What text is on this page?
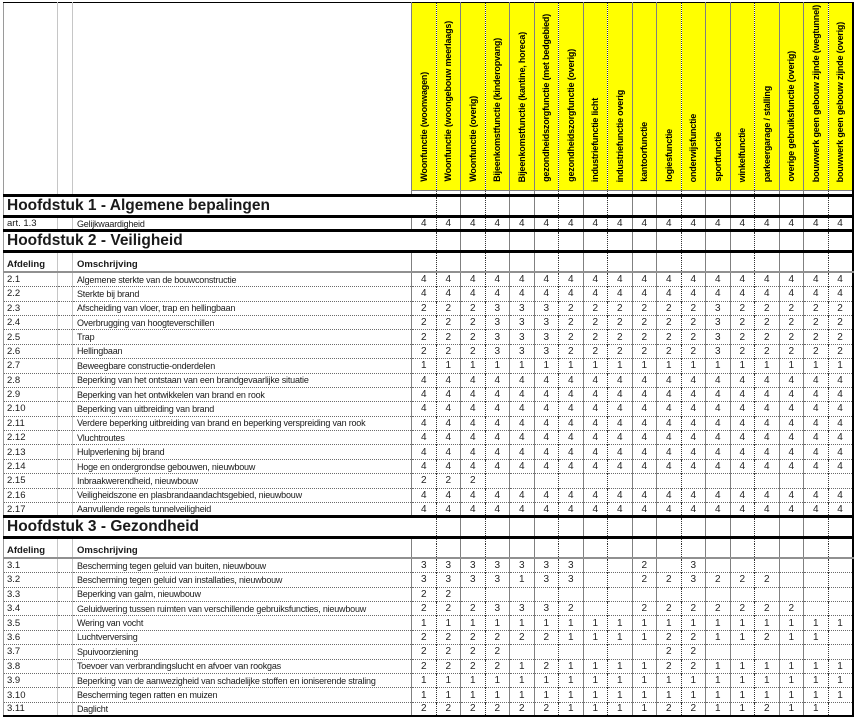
			Woonfunctie (woonwagen)	Woonfunctie (woongebouw meerlaags)	Woonfunctie (overig)	Bijeenkomstfunctie (kinderopvang)	Bijeenkomstfunctie (kantine, horeca)	gezondheidszorgfunctie (met bedgebied)	gezondheidszorgfunctie (overig)	industriefunctie licht	industriefunctie overig	kantoorfunctie	logiesfunctie	onderwijsfunctie	sportfunctie	winkelfunctie	parkeergarage / stalling	overige gebruiksfunctie (overig)	bouwwerk geen gebouw zijnde (wegtunnel)	bouwwerk geen gebouw zijnde (overig)

Hoofdstuk 1 - Algemene bepalingen																				
art. 1.3		Gelijkwaardigheid	4	4	4	4	4	4	4	4	4	4	4	4	4	4	4	4	4	4
Hoofdstuk 2 - Veiligheid																				

Afdeling		Omschrijving																		
2.1		Algemene sterkte van de bouwconstructie	4	4	4	4	4	4	4	4	4	4	4	4	4	4	4	4	4	4
2.2		Sterkte bij brand	4	4	4	4	4	4	4	4	4	4	4	4	4	4	4	4	4	4
2.3		Afscheiding van vloer, trap en hellingbaan	2	2	2	3	3	3	2	2	2	2	2	2	3	2	2	2	2	2
2.4		Overbrugging van hoogteverschillen	2	2	2	3	3	3	2	2	2	2	2	2	3	2	2	2	2	2
2.5		Trap	2	2	2	3	3	3	2	2	2	2	2	2	3	2	2	2	2	2
2.6		Hellingbaan	2	2	2	3	3	3	2	2	2	2	2	2	3	2	2	2	2	2
2.7		Beweegbare constructie-onderdelen	1	1	1	1	1	1	1	1	1	1	1	1	1	1	1	1	1	1
2.8		Beperking van het ontstaan van een brandgevaarlijke situatie	4	4	4	4	4	4	4	4	4	4	4	4	4	4	4	4	4	4
2.9		Beperking van het ontwikkelen van brand en rook	4	4	4	4	4	4	4	4	4	4	4	4	4	4	4	4	4	4
2.10		Beperking van uitbreiding van brand	4	4	4	4	4	4	4	4	4	4	4	4	4	4	4	4	4	4
2.11		Verdere beperking uitbreiding van brand en beperking verspreiding van rook	4	4	4	4	4	4	4	4	4	4	4	4	4	4	4	4	4	4
2.12		Vluchtroutes	4	4	4	4	4	4	4	4	4	4	4	4	4	4	4	4	4	4
2.13		Hulpverlening bij brand	4	4	4	4	4	4	4	4	4	4	4	4	4	4	4	4	4	4
2.14		Hoge en ondergrondse gebouwen, nieuwbouw	4	4	4	4	4	4	4	4	4	4	4	4	4	4	4	4	4	4
2.15		Inbraakwerendheid, nieuwbouw	2	2	2															
2.16		Veiligheidszone en plasbrandaandachtsgebied, nieuwbouw	4	4	4	4	4	4	4	4	4	4	4	4	4	4	4	4	4	4
2.17		Aanvullende regels tunnelveiligheid	4	4	4	4	4	4	4	4	4	4	4	4	4	4	4	4	4	4
Hoofdstuk 3 - Gezondheid																				

Afdeling		Omschrijving																		
3.1		Bescherming tegen geluid van buiten, nieuwbouw	3	3	3	3	3	3	3			2		3						
3.2		Bescherming tegen geluid van installaties, nieuwbouw	3	3	3	3	1	3	3			2	2	3	2	2	2			
3.3		Beperking van galm, nieuwbouw	2	2																
3.4		Geluidwering tussen ruimten van verschillende gebruiksfuncties, nieuwbouw	2	2	2	3	3	3	2			2	2	2	2	2	2	2		
3.5		Wering van vocht	1	1	1	1	1	1	1	1	1	1	1	1	1	1	1	1	1	1
3.6		Luchtverversing	2	2	2	2	2	2	1	1	1	1	2	2	1	1	2	1	1	
3.7		Spuivoorziening	2	2	2	2							2	2						
3.8		Toevoer van verbrandingslucht en afvoer van rookgas	2	2	2	2	1	2	1	1	1	1	2	2	1	1	1	1	1	1
3.9		Beperking van de aanwezigheid van schadelijke stoffen en ioniserende straling	1	1	1	1	1	1	1	1	1	1	1	1	1	1	1	1	1	1
3.10		Bescherming tegen ratten en muizen	1	1	1	1	1	1	1	1	1	1	1	1	1	1	1	1	1	1
3.11		Daglicht	2	2	2	2	2	2	1	1	1	1	2	2	1	1	2	1	1	
